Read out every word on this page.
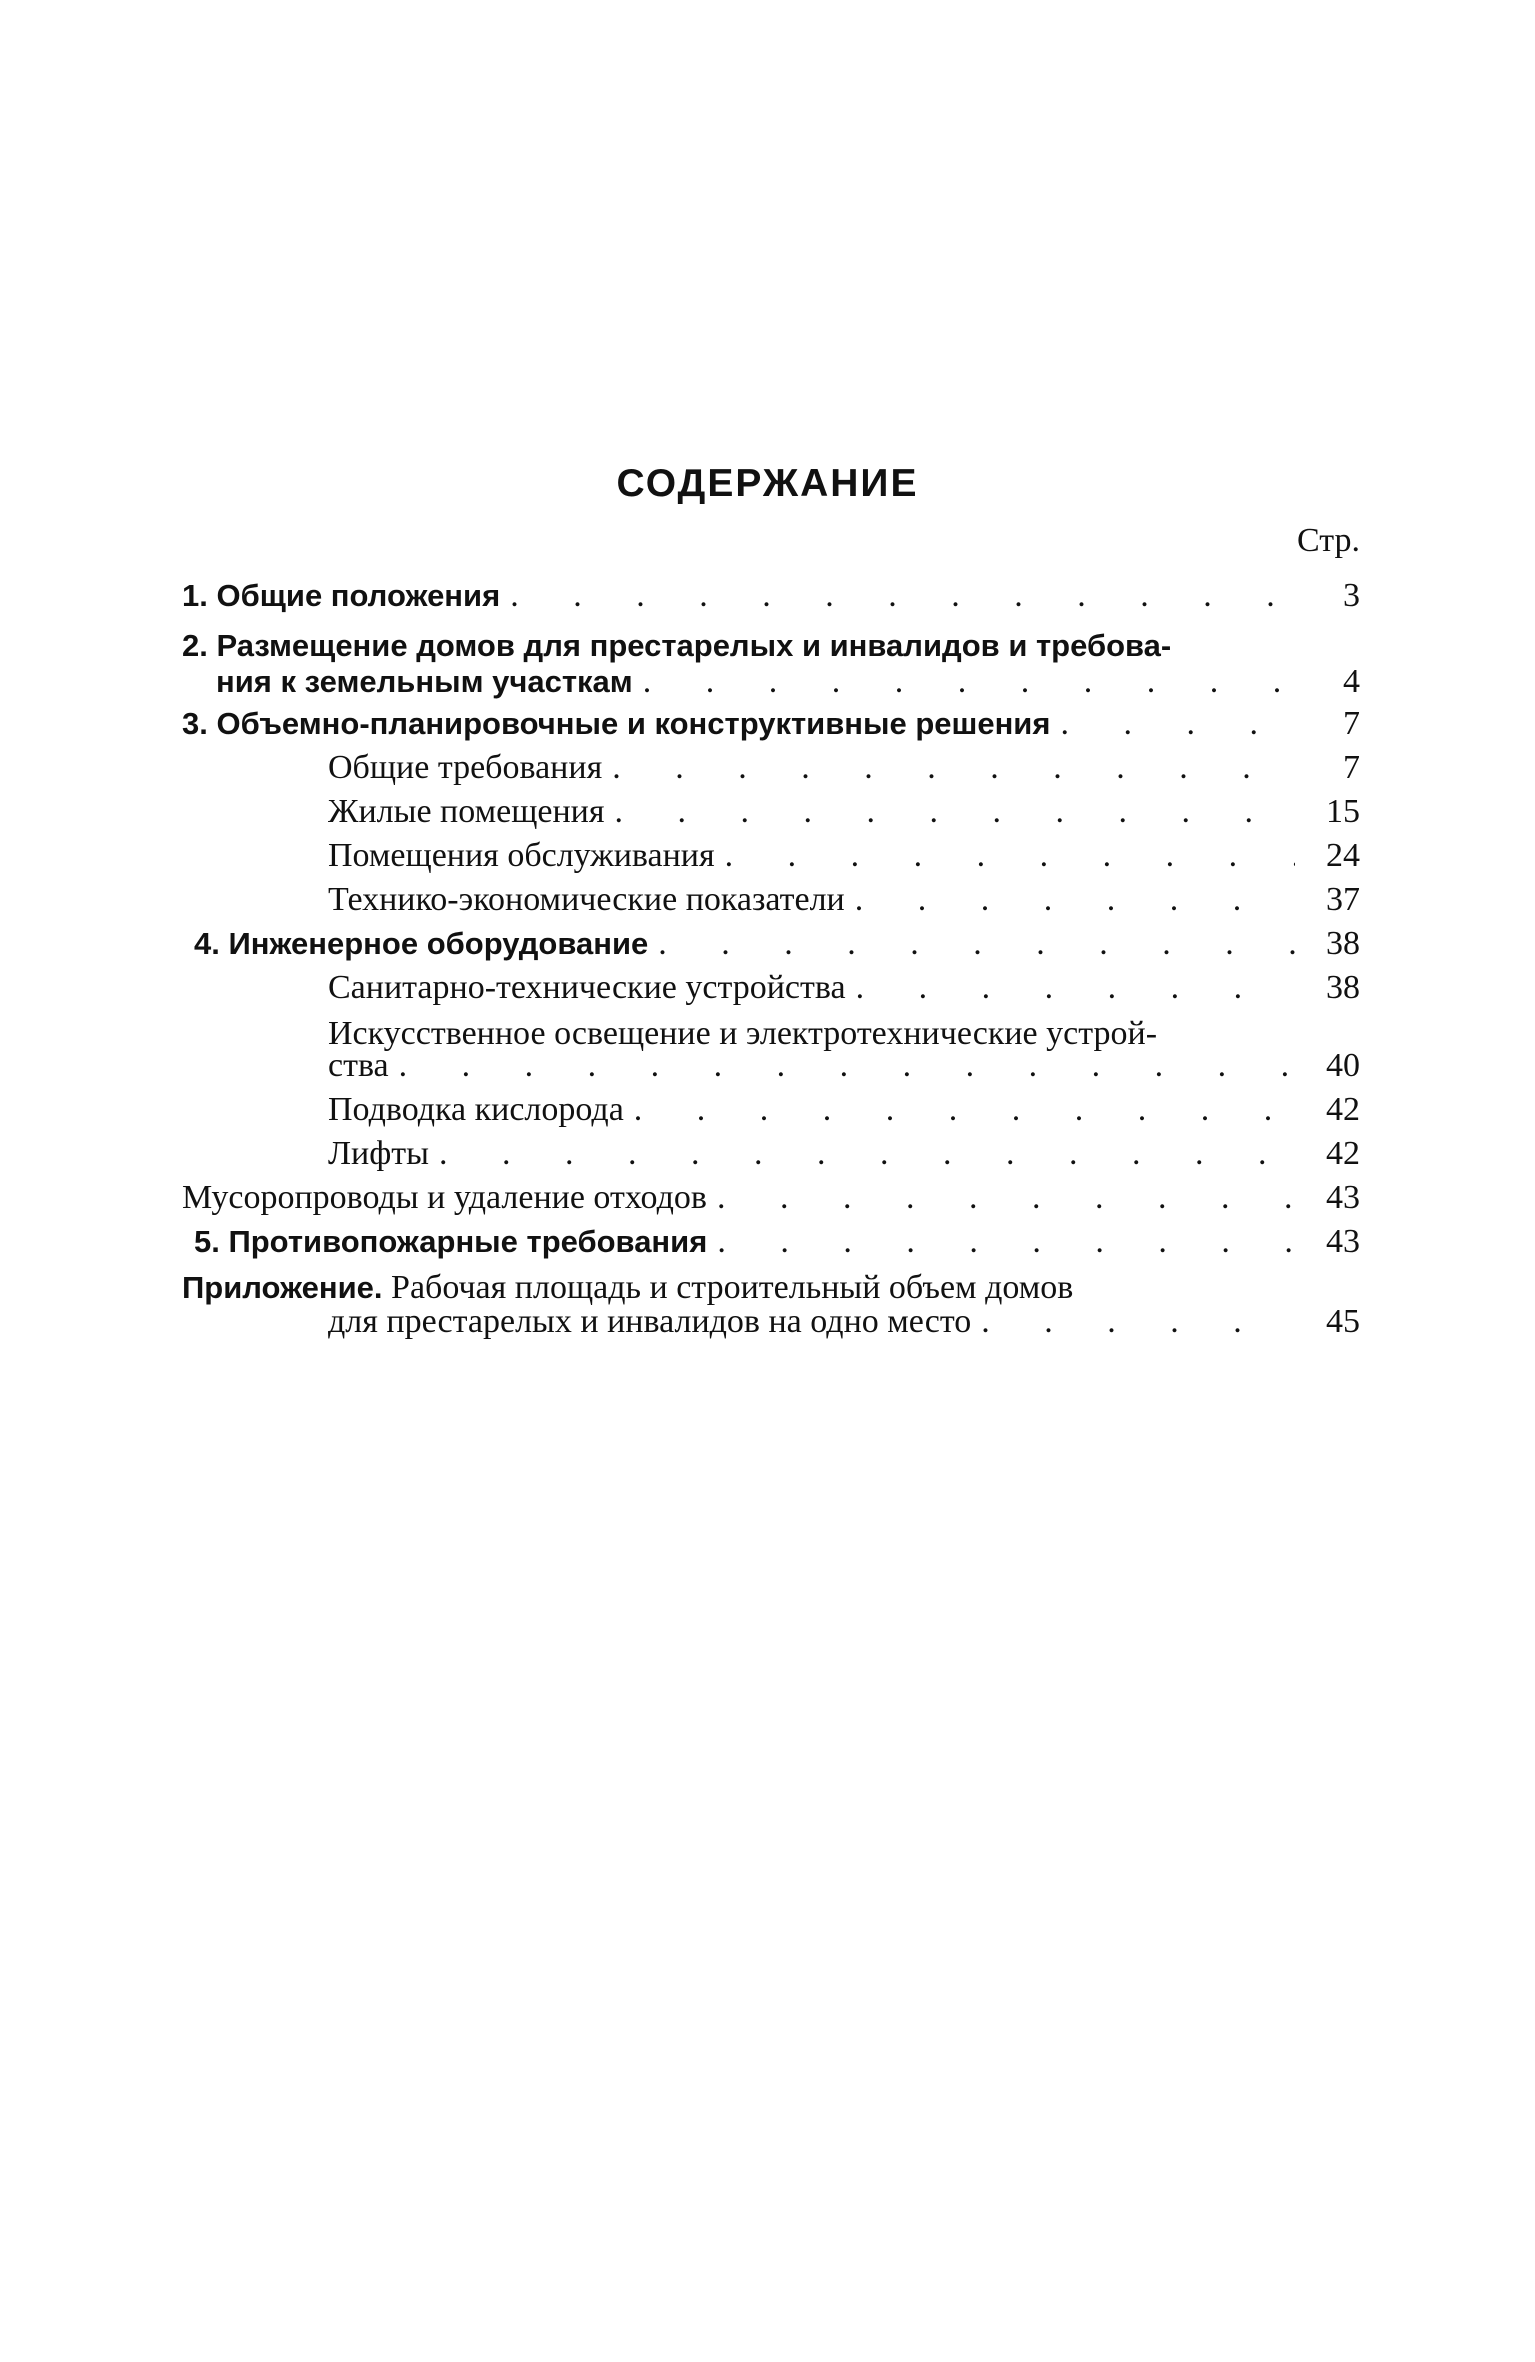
СОДЕРЖАНИЕ
Стр.
1. Общие положения . . .	3
2. Размещение домов для престарелых и инвалидов и требова-
ния к земельным участкам . . .	4
3. Объемно-планировочные и конструктивные решения . . .	7
Общие требования . . .	7
Жилые помещения . . .	15
Помещения обслуживания . . .	24
Технико-экономические показатели . . .	37
4. Инженерное оборудование . . .	38
Санитарно-технические устройства . . .	38
Искусственное освещение и электротехнические устрой-
ства . . .	40
Подводка кислорода . . .	42
Лифты . . .	42
Мусоропроводы и удаление отходов . . .	43
5. Противопожарные требования . . .	43
Приложение. Рабочая площадь и строительный объем домов
для престарелых и инвалидов на одно место . . .	45
